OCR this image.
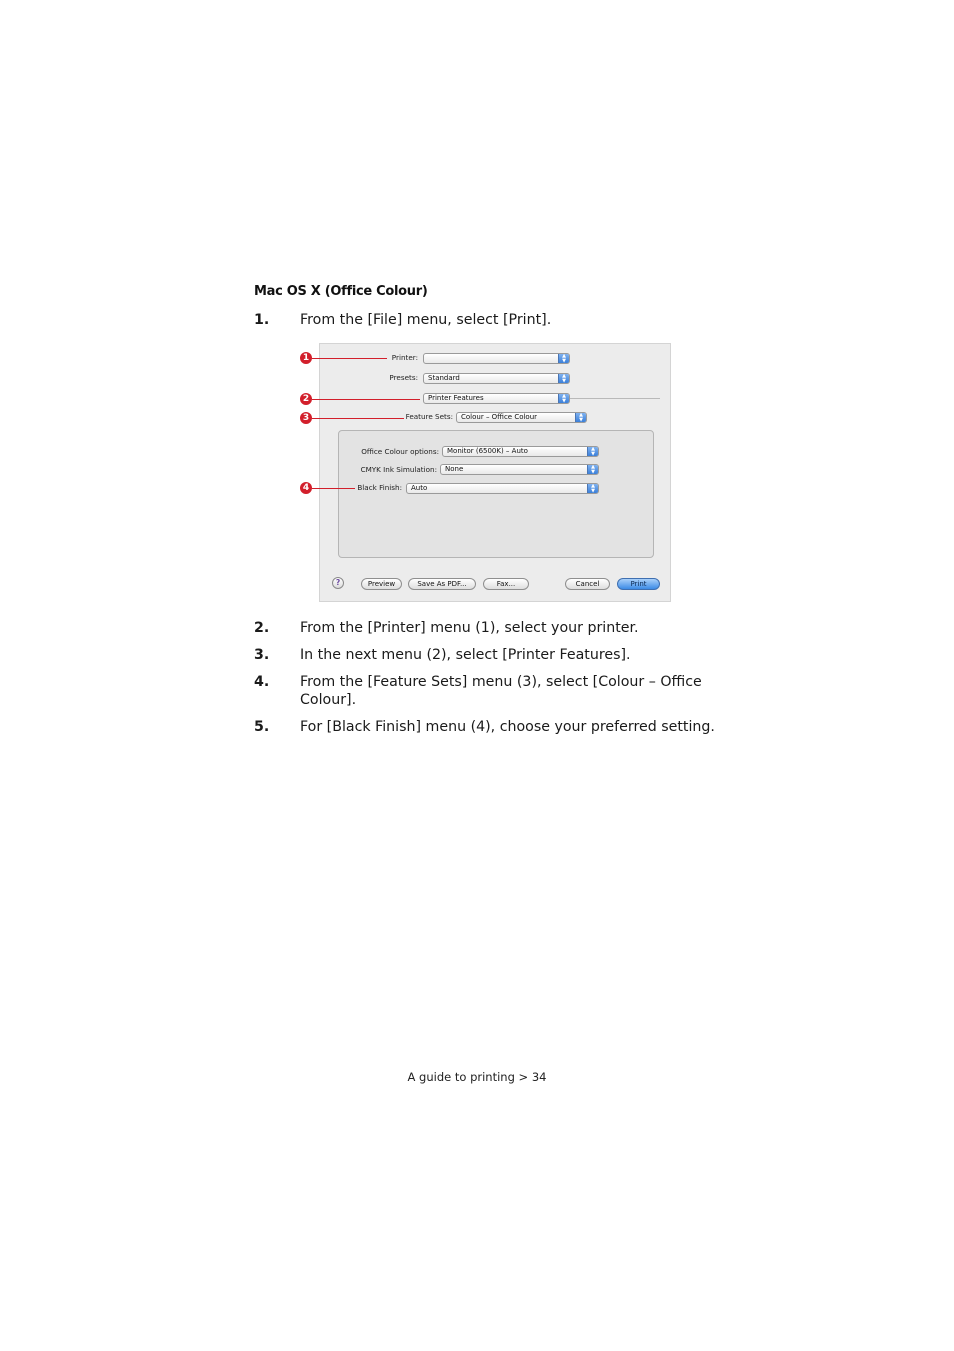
Mac OS X (Office Colour)
1. From the [File] menu, select [Print].
Printer:	▲
▼
Presets:	Standard	▲
▼
Printer Features	▲
▼
Feature Sets:	Colour – Office Colour	▲
▼
Office Colour options:	Monitor (6500K) – Auto	▲
▼
CMYK Ink Simulation:	None	▲
▼
Black Finish:	Auto	▲
▼
?	Preview	Save As PDF...	Fax...	Cancel	Print
1
2
3
4
2. From the [Printer] menu (1), select your printer.
3. In the next menu (2), select [Printer Features].
4. From the [Feature Sets] menu (3), select [Colour – Office Colour].
5. For [Black Finish] menu (4), choose your preferred setting.
A guide to printing > 34
